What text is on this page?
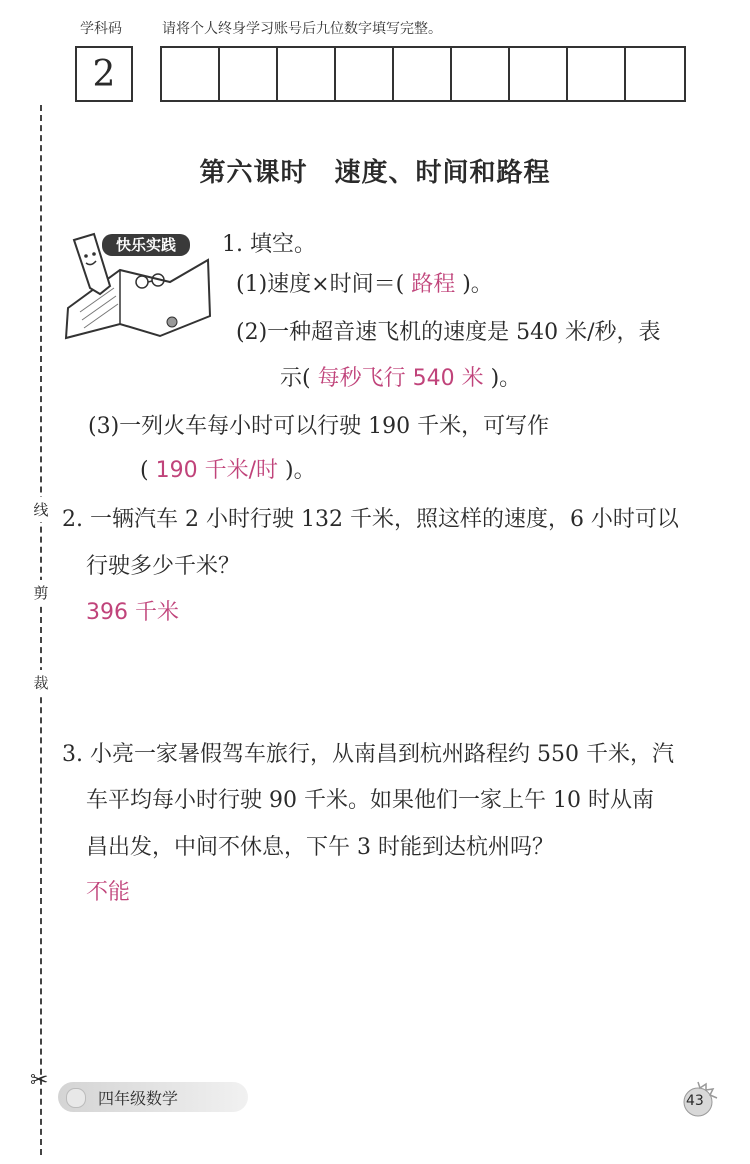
学科码	请将个人终身学习账号后九位数字填写完整。
2
线
剪
裁
✂
第六课时　速度、时间和路程
快乐实践	1. 填空。
(1)速度×时间＝( 路程 )。
(2)一种超音速飞机的速度是 540 米/秒，表
示( 每秒飞行 540 米 )。
(3)一列火车每小时可以行驶 190 千米，可写作
( 190 千米/时 )。
2. 一辆汽车 2 小时行驶 132 千米，照这样的速度，6 小时可以
行驶多少千米？
396 千米
3. 小亮一家暑假驾车旅行，从南昌到杭州路程约 550 千米，汽
车平均每小时行驶 90 千米。如果他们一家上午 10 时从南
昌出发，中间不休息，下午 3 时能到达杭州吗？
不能
四年级数学	43
